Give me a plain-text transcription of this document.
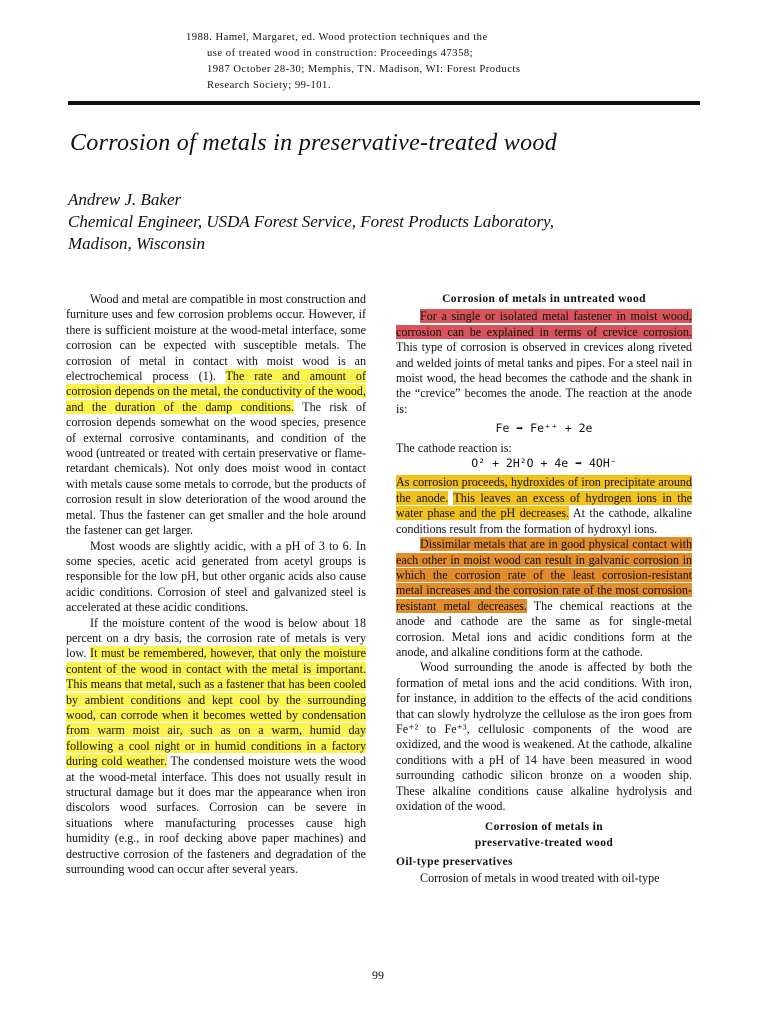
1988. Hamel, Margaret, ed. Wood protection techniques and the
use of treated wood in construction: Proceedings 47358;
1987 October 28-30; Memphis, TN. Madison, WI: Forest Products
Research Society; 99-101.
Corrosion of metals in preservative-treated wood
Andrew J. Baker
Chemical Engineer, USDA Forest Service, Forest Products Laboratory,
Madison, Wisconsin

Wood and metal are compatible in most construction and furniture uses and few corrosion problems occur. However, if there is sufficient moisture at the wood-metal interface, some corrosion can be expected with susceptible metals. The corrosion of metal in contact with moist wood is an electrochemical process (1). The rate and amount of corrosion depends on the metal, the conductivity of the wood, and the duration of the damp conditions. The risk of corrosion depends somewhat on the wood species, presence of external corrosive contaminants, and condition of the wood (untreated or treated with certain preservative or flame-retardant chemicals). Not only does moist wood in contact with metals cause some metals to corrode, but the products of corrosion result in slow deterioration of the wood around the metal. Thus the fastener can get smaller and the hole around the fastener can get larger.

Most woods are slightly acidic, with a pH of 3 to 6. In some species, acetic acid generated from acetyl groups is responsible for the low pH, but other organic acids also cause acidic conditions. Corrosion of steel and galvanized steel is accelerated at these acidic conditions.

If the moisture content of the wood is below about 18 percent on a dry basis, the corrosion rate of metals is very low. It must be remembered, however, that only the moisture content of the wood in contact with the metal is important. This means that metal, such as a fastener that has been cooled by ambient conditions and kept cool by the surrounding wood, can corrode when it becomes wetted by condensation from warm moist air, such as on a warm, humid day following a cool night or in humid conditions in a factory during cold weather. The condensed moisture wets the wood at the wood-metal interface. This does not usually result in structural damage but it does mar the appearance when iron discolors wood surfaces. Corrosion can be severe in situations where manufacturing processes cause high humidity (e.g., in roof decking above paper machines) and destructive corrosion of the fasteners and degradation of the surrounding wood can occur after several years.

Corrosion of metals in untreated wood

For a single or isolated metal fastener in moist wood, corrosion can be explained in terms of crevice corrosion. This type of corrosion is observed in crevices along riveted and welded joints of metal tanks and pipes. For a steel nail in moist wood, the head becomes the cathode and the shank in the “crevice” becomes the anode. The reaction at the anode is:

Fe ➡ Fe⁺⁺ + 2e

The cathode reaction is:

O² + 2H²O + 4e ➡ 4OH⁻

As corrosion proceeds, hydroxides of iron precipitate around the anode. This leaves an excess of hydrogen ions in the water phase and the pH decreases. At the cathode, alkaline conditions result from the formation of hydroxyl ions.

Dissimilar metals that are in good physical contact with each other in moist wood can result in galvanic corrosion in which the corrosion rate of the least corrosion-resistant metal increases and the corrosion rate of the most corrosion-resistant metal decreases. The chemical reactions at the anode and cathode are the same as for single-metal corrosion. Metal ions and acidic conditions form at the anode, and alkaline conditions form at the cathode.

Wood surrounding the anode is affected by both the formation of metal ions and the acid conditions. With iron, for instance, in addition to the effects of the acid conditions that can slowly hydrolyze the cellulose as the iron goes from Fe⁺² to Fe⁺³, cellulosic components of the wood are oxidized, and the wood is weakened. At the cathode, alkaline conditions with a pH of 14 have been measured in wood surrounding cathodic silicon bronze on a wooden ship. These alkaline conditions cause alkaline hydrolysis and oxidation of the wood.

Corrosion of metals in

preservative-treated wood

Oil-type preservatives

Corrosion of metals in wood treated with oil-type

99
